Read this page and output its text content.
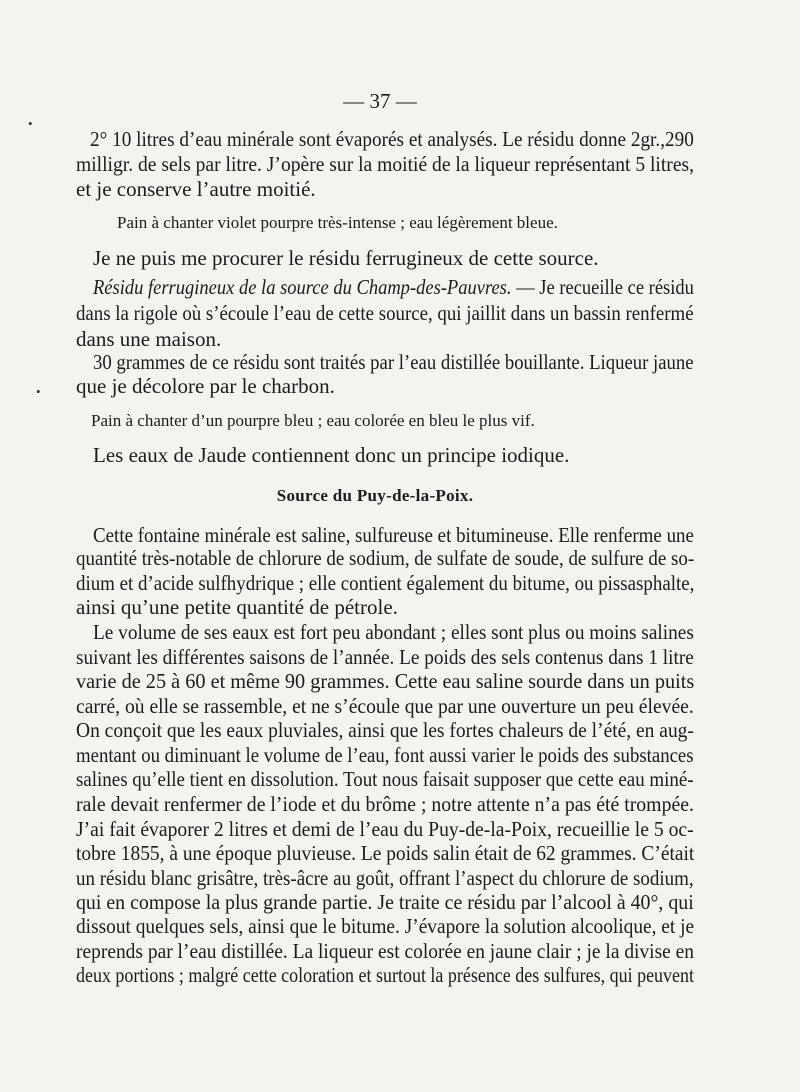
•
•
— 37 —
2° 10 litres d’eau minérale sont évaporés et analysés. Le résidu donne 2gr.,290
milligr. de sels par litre. J’opère sur la moitié de la liqueur représentant 5 litres,
et je conserve l’autre moitié.
Pain à chanter violet pourpre très-intense ; eau légèrement bleue.
Je ne puis me procurer le résidu ferrugineux de cette source.
Résidu ferrugineux de la source du Champ-des-Pauvres. — Je recueille ce résidu
dans la rigole où s’écoule l’eau de cette source, qui jaillit dans un bassin renfermé
dans une maison.
30 grammes de ce résidu sont traités par l’eau distillée bouillante. Liqueur jaune
que je décolore par le charbon.
Pain à chanter d’un pourpre bleu ; eau colorée en bleu le plus vif.
Les eaux de Jaude contiennent donc un principe iodique.
Source du Puy-de-la-Poix.
Cette fontaine minérale est saline, sulfureuse et bitumineuse. Elle renferme une
quantité très-notable de chlorure de sodium, de sulfate de soude, de sulfure de so-
dium et d’acide sulfhydrique ; elle contient également du bitume, ou pissasphalte,
ainsi qu’une petite quantité de pétrole.
Le volume de ses eaux est fort peu abondant ; elles sont plus ou moins salines
suivant les différentes saisons de l’année. Le poids des sels contenus dans 1 litre
varie de 25 à 60 et même 90 grammes. Cette eau saline sourde dans un puits
carré, où elle se rassemble, et ne s’écoule que par une ouverture un peu élevée.
On conçoit que les eaux pluviales, ainsi que les fortes chaleurs de l’été, en aug-
mentant ou diminuant le volume de l’eau, font aussi varier le poids des substances
salines qu’elle tient en dissolution. Tout nous faisait supposer que cette eau miné-
rale devait renfermer de l’iode et du brôme ; notre attente n’a pas été trompée.
J’ai fait évaporer 2 litres et demi de l’eau du Puy-de-la-Poix, recueillie le 5 oc-
tobre 1855, à une époque pluvieuse. Le poids salin était de 62 grammes. C’était
un résidu blanc grisâtre, très-âcre au goût, offrant l’aspect du chlorure de sodium,
qui en compose la plus grande partie. Je traite ce résidu par l’alcool à 40°, qui
dissout quelques sels, ainsi que le bitume. J’évapore la solution alcoolique, et je
reprends par l’eau distillée. La liqueur est colorée en jaune clair ; je la divise en
deux portions ; malgré cette coloration et surtout la présence des sulfures, qui peuvent
